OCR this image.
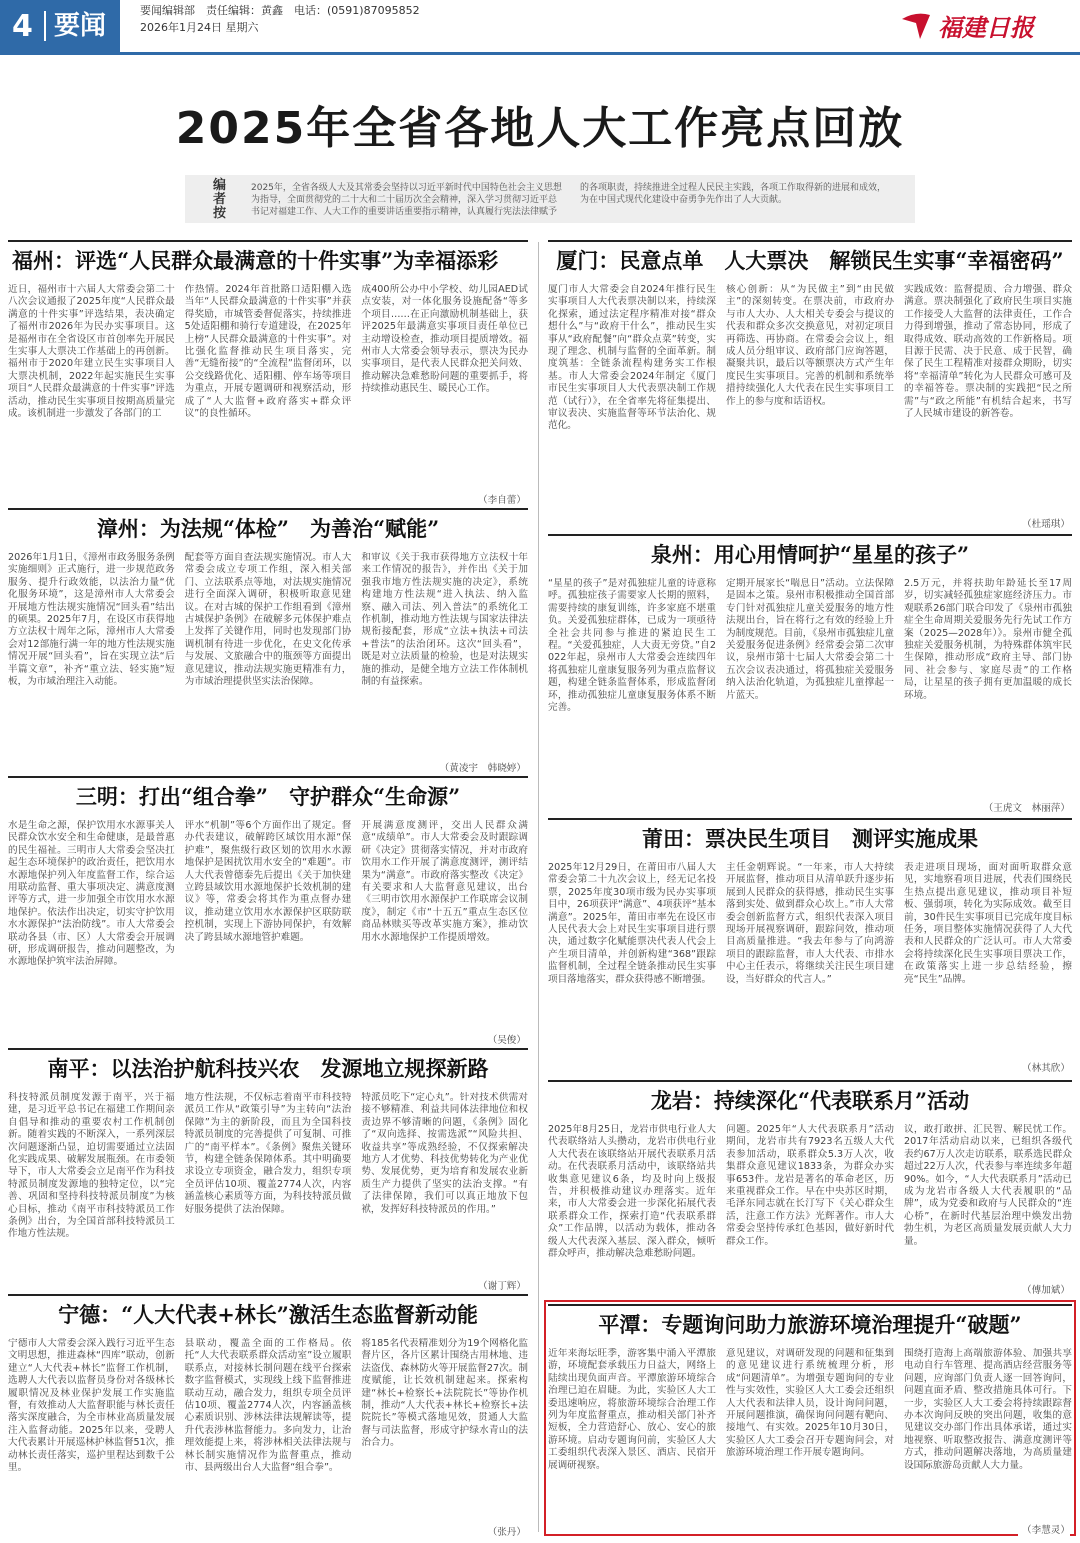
4 要闻
要闻编辑部　责任编辑：黄鑫　电话：(0591)87095852
2026年1月24日 星期六	福建日报
2025年全省各地人大工作亮点回放
编者按
2025年，全省各级人大及其常委会坚持以习近平新时代中国特色社会主义思想为指导，全面贯彻党的二十大和二十届历次全会精神，深入学习贯彻习近平总书记对福建工作、人大工作的重要讲话重要指示精神，认真履行宪法法律赋予的各项职责，持续推进全过程人民民主实践，各项工作取得新的进展和成效，为在中国式现代化建设中奋勇争先作出了人大贡献。
福州：评选“人民群众最满意的十件实事”为幸福添彩
近日，福州市十六届人大常委会第二十八次会议通报了2025年度“人民群众最满意的十件实事”评选结果，表决确定了福州市2026年为民办实事项目。这是福州市在全省设区市首创率先开展民生实事人大票决工作基础上的再创新。福州市于2020年建立民生实事项目人大票决机制，2022年起实施民生实事项目“人民群众最满意的十件实事”评选活动，推动民生实事项目按期高质量完成。该机制进一步激发了各部门的工
作热情。2024年首批路口适阳棚入选当年“人民群众最满意的十件实事”并获得奖励，市城管委督促落实，持续推进5处适阳棚和骑行专道建设，在2025年上榜“人民群众最满意的十件实事”。对比强化监督推动民生项目落实，完善“无缝衔接”的“全流程”监督闭环，以公交线路优化、适阳棚、停车场等项目为重点，开展专题调研和视察活动，形成了“人大监督+政府落实+群众评议”的良性循环。
成400所公办中小学校、幼儿园AED试点安装，对一体化服务设施配备“等多个项目……在正向激励机制基础上，获评2025年最满意实事项目责任单位已主动增设检查，推动项目提质增效。福州市人大常委会领导表示，票决为民办实事项目，是代表人民群众把关问效、推动解决急难愁盼问题的重要抓手，将持续推动惠民生、暖民心工作。
（李自蕾）
漳州：为法规“体检”　为善治“赋能”
2026年1月1日，《漳州市政务服务条例实施细则》正式施行，进一步规范政务服务、提升行政效能，以法治力量“优化服务环境”，这是漳州市人大常委会开展地方性法规实施情况“回头看”结出的硕果。2025年7月，在设区市获得地方立法权十周年之际，漳州市人大常委会对12部施行满一年的地方性法规实施情况开展“回头看”，旨在实现立法“后半篇文章”，补齐“重立法、轻实施”短板，为市域治理注入动能。
配套等方面自查法规实施情况。市人大常委会成立专项工作组，深入相关部门、立法联系点等地，对法规实施情况进行全面深入调研，积极听取意见建议。在对古城的保护工作组看到《漳州古城保护条例》在破解多元体保护难点上发挥了关键作用，同时也发现部门协调机制有待进一步优化，在史文化传承与发展、文旅融合中的瓶颈等方面提出意见建议，推动法规实施更精准有力，为市域治理提供坚实法治保障。
和审议《关于我市获得地方立法权十年来工作情况的报告》，并作出《关于加强我市地方性法规实施的决定》，系统构建地方性法规“进入执法、纳入监察、融入司法、列入普法”的系统化工作机制，推动地方性法规与国家法律法规衔接配套，形成“立法+执法+司法+普法”的法治闭环。这次“回头看”，既是对立法质量的检验，也是对法规实施的推动，是健全地方立法工作体制机制的有益探索。
（黄凌宇　韩晓婷）
三明：打出“组合拳”　守护群众“生命源”
水是生命之源，保护饮用水水源事关人民群众饮水安全和生命健康，是最普惠的民生福祉。三明市人大常委会坚决扛起生态环境保护的政治责任，把饮用水水源地保护列入年度监督工作，综合运用联动监督、重大事项决定、满意度测评等方式，进一步加强全市饮用水水源地保护。依法作出决定，切实守护饮用水水源保护“法治防线”。市人大常委会联动各县（市、区）人大常委会开展调研，形成调研报告，推动问题整改，为水源地保护筑牢法治屏障。
评水“机制”等6个方面作出了规定。督办代表建议，破解跨区域饮用水源“保护难”，聚焦级行政区划的饮用水水源地保护是困扰饮用水安全的“难题”。市人大代表曾德泰先后提出《关于加快建立跨县域饮用水源地保护长效机制的建议》等，常委会将其作为重点督办建议，推动建立饮用水水源保护区联防联控机制，实现上下游协同保护，有效解决了跨县域水源地管护难题。
开展满意度测评，交出人民群众满意“成绩单”。市人大常委会及时跟踪调研《决定》贯彻落实情况，并对市政府饮用水工作开展了满意度测评，测评结果为“满意”。市政府落实整改《决定》有关要求和人大监督意见建议，出台《三明市饮用水源保护工作联席会议制度》，制定《市“十五五”重点生态区位商品林赎买等改革实施方案》，推动饮用水水源地保护工作提质增效。
（吴俊）
南平：以法治护航科技兴农　发源地立规探新路
科技特派员制度发源于南平，兴于福建，是习近平总书记在福建工作期间亲自倡导和推动的重要农村工作机制创新。随着实践的不断深入，一系列深层次问题逐渐凸显，迫切需要通过立法固化实践成果、破解发展瓶颈。在市委领导下，市人大常委会立足南平作为科技特派员制度发源地的独特定位，以“完善、巩固和坚持科技特派员制度”为核心目标，推动《南平市科技特派员工作条例》出台，为全国首部科技特派员工作地方性法规。
地方性法规，不仅标志着南平市科技特派员工作从“政策引导”为主转向“法治保障”为主的新阶段，而且为全国科技特派员制度的完善提供了可复制、可推广的“南平样本”。《条例》聚焦关键环节，构建全链条保障体系。其中明确要求设立专项资金，融合发力，组织专项全员评估10项、覆盖2774人次，内容涵盖核心素质等方面，为科技特派员做好服务提供了法治保障。
特派员吃下“定心丸”。针对技术供需对接不够精准、利益共同体法律地位和权责边界不够清晰的问题，《条例》固化了“双向选择、按需选派”“风险共担、收益共享”等成熟经验，不仅探索解决地方人才优势、科技优势转化为产业优势、发展优势，更为培育和发展农业新质生产力提供了坚实的法治支撑。“有了法律保障，我们可以真正地放下包袱，发挥好科技特派员的作用。”
（谢丁辉）
宁德：“人大代表+林长”激活生态监督新动能
宁德市人大常委会深入践行习近平生态文明思想，推进森林“四库”联动，创新建立“人大代表+林长”监督工作机制，选聘人大代表以监督员身份对各级林长履职情况及林业保护发展工作实施监督，有效推动人大监督职能与林长责任落实深度融合，为全市林业高质量发展注入监督动能。2025年以来，受聘人大代表累计开展巡林护林监督51次，推动林长责任落实，巡护里程达到数千公里。
县联动，覆盖全面的工作格局。依托“人大代表联系群众活动室”设立履职联系点，对接林长制问题在线平台探索数字监督模式，实现线上线下监督推进联动互动，融合发力，组织专项全员评估10项、覆盖2774人次，内容涵盖核心素质识别、涉林法律法规解读等，提升代表涉林监督能力。多向发力，让治理效能提上来，将涉林相关法律法规与林长制实施情况作为监督重点，推动市、县两级出台人大监督“组合拳”。
将185名代表精准划分为19个网格化监督片区，各片区累计围绕古用林地、违法盗伐、森林防火等开展监督27次。制度赋能，让长效机制建起来。探索构建“林长+检察长+法院院长”等协作机制，推动“人大代表+林长+检察长+法院院长”等模式落地见效，贯通人大监督与司法监督，形成守护绿水青山的法治合力。
（张丹）
厦门：民意点单　人大票决　解锁民生实事“幸福密码”
厦门市人大常委会自2024年推行民生实事项目人大代表票决制以来，持续深化探索，通过法定程序精准对接“群众想什么”与“政府干什么”，推动民生实事从“政府配餐”向“群众点菜”转变，实现了理念、机制与监督的全面革新。制度筑基：全链条流程构建务实工作根基。市人大常委会2024年制定《厦门市民生实事项目人大代表票决制工作规范（试行）》，在全省率先将征集提出、审议表决、实施监督等环节法治化、规范化。
核心创新：从“为民做主”到“由民做主”的深刻转变。在票决前，市政府办与市人大办、人大相关专委会与提议的代表和群众多次交换意见，对初定项目再筛选、再协商。在常委会会议上，组成人员分组审议、政府部门应询答题，凝聚共识，最后以等额票决方式产生年度民生实事项目。完善的机制和系统举措持续强化人大代表在民生实事项目工作上的参与度和话语权。
实践成效：监督提质、合力增强、群众满意。票决制强化了政府民生项目实施工作接受人大监督的法律责任，工作合力得到增强，推动了常态协同，形成了取得成效、联动高效的工作新格局。项目源于民需、决于民意、成于民智，确保了民生工程精准对接群众期盼，切实将“幸福清单”转化为人民群众可感可及的幸福答卷。票决制的实践把“民之所需”与“政之所能”有机结合起来，书写了人民城市建设的新答卷。
（杜瑶琪）
泉州：用心用情呵护“星星的孩子”
“星星的孩子”是对孤独症儿童的诗意称呼。孤独症孩子需要家人长期的照料，需要持续的康复训练，许多家庭不堪重负。关爱孤独症群体，已成为一项亟待全社会共同参与推进的紧迫民生工程。“关爱孤独症，人大责无旁贷。”自2022年起，泉州市人大常委会连续四年将孤独症儿童康复服务列为重点监督议题，构建全链条监督体系，形成监督闭环，推动孤独症儿童康复服务体系不断完善。
定期开展家长“喘息日”活动。立法保障是固本之策。泉州市积极推动全国首部专门针对孤独症儿童关爱服务的地方性法规出台，旨在将行之有效的经验上升为制度规范。目前，《泉州市孤独症儿童关爱服务促进条例》经常委会第二次审议，泉州市第十七届人大常委会第二十五次会议表决通过，将孤独症关爱服务纳入法治化轨道，为孤独症儿童撑起一片蓝天。
2.5万元，并将扶助年龄延长至17周岁，切实减轻孤独症家庭经济压力。市观联系26部门联合印发了《泉州市孤独症全生命周期关爱服务先行先试工作方案（2025—2028年）》。泉州市健全孤独症关爱服务机制，为特殊群体筑牢民生保障，推动形成“政府主导、部门协同、社会参与、家庭尽责”的工作格局，让星星的孩子拥有更加温暖的成长环境。
（王虎文　林丽萍）
莆田：票决民生项目　测评实施成果
2025年12月29日，在莆田市八届人大常委会第二十九次会议上，经无记名投票，2025年度30项市级为民办实事项目中，26项获评“满意”、4项获评“基本满意”。2025年，莆田市率先在设区市人民代表大会上对民生实事项目进行票决，通过数字化赋能票决代表人代会上产生项目清单，并创新构建“368”跟踪监督机制，全过程全链条推动民生实事项目落地落实，群众获得感不断增强。
主任金朝辉说。“一年来，市人大持续开展监督，推动项目从清单跃升逐步拓展到人民群众的获得感，推动民生实事落到实处、做到群众心坎上。”市人大常委会创新监督方式，组织代表深入项目现场开展视察调研，跟踪问效，推动项目高质量推进。“我去年参与了向鸿游项目的跟踪监督，市人大代表、市排水中心主任表示，将继续关注民生项目建设，当好群众的代言人。”
表走进项目现场，面对面听取群众意见，实地察看项目进展，代表们围绕民生热点提出意见建议，推动项目补短板、强弱项，转化为实际成效。截至目前，30件民生实事项目已完成年度目标任务，项目整体实施情况获得了人大代表和人民群众的广泛认可。市人大常委会将持续深化民生实事项目票决工作，在政策落实上进一步总结经验，擦亮“民生”品牌。
（林其欣）
龙岩：持续深化“代表联系月”活动
2025年8月25日，龙岩市供电行业人大代表联络站人头攒动，龙岩市供电行业人大代表在该联络站开展代表联系月活动。在代表联系月活动中，该联络站共收集意见建议6条，均及时向上级报告，并积极推动建议办理落实。近年来，市人大常委会进一步深化拓展代表联系群众工作，探索打造“代表联系群众”工作品牌，以活动为载体，推动各级人大代表深入基层、深入群众，倾听群众呼声，推动解决急难愁盼问题。
问题。2025年“人大代表联系月”活动期间，龙岩市共有7923名五级人大代表参加活动，联系群众5.3万人次，收集群众意见建议1833条，为群众办实事653件。龙岩是著名的革命老区，历来重视群众工作。早在中央苏区时期，毛泽东同志就在长汀写下《关心群众生活，注意工作方法》光辉著作。市人大常委会坚持传承红色基因，做好新时代群众工作。
议，敢打敢拼、汇民智、解民忧工作。2017年活动启动以来，已组织各级代表约67万人次走访联系，联系选民群众超过22万人次，代表参与率连续多年超90%。如今，“人大代表联系月”活动已成为龙岩市各级人大代表履职的“品牌”，成为党委和政府与人民群众的“连心桥”，在新时代基层治理中焕发出勃勃生机，为老区高质量发展贡献人大力量。
（傅加斌）
平潭：专题询问助力旅游环境治理提升“破题”
近年来海坛旺季，游客集中涌入平潭旅游，环境配套承载压力日益大，网络上陆续出现负面声音。平潭旅游环境综合治理已迫在眉睫。为此，实验区人大工委迅速响应，将旅游环境综合治理工作列为年度监督重点，推动相关部门补齐短板，全力营造舒心、放心、安心的旅游环境。启动专题询问前，实验区人大工委组织代表深入景区、酒店、民宿开展调研视察。
意见建议，对调研发现的问题和征集到的意见建议进行系统梳理分析，形成“问题清单”。为增强专题询问的专业性与实效性，实验区人大工委会还组织人大代表和法律人员，设计询问问题，开展问题推演，确保询问问题有靶向、接地气、有实效。2025年10月30日，实验区人大工委会召开专题询问会，对旅游环境治理工作开展专题询问。
围绕打造海上高端旅游体验、加强共享电动自行车管理、提高酒店经营服务等问题，应询部门负责人逐一回答询问，问题直面矛盾、整改措施具体可行。下一步，实验区人大工委会将持续跟踪督办本次询问反映的突出问题，收集的意见建议交办部门作出具体承诺，通过实地视察、听取整改报告、满意度测评等方式，推动问题解决落地，为高质量建设国际旅游岛贡献人大力量。
（李慧灵）
